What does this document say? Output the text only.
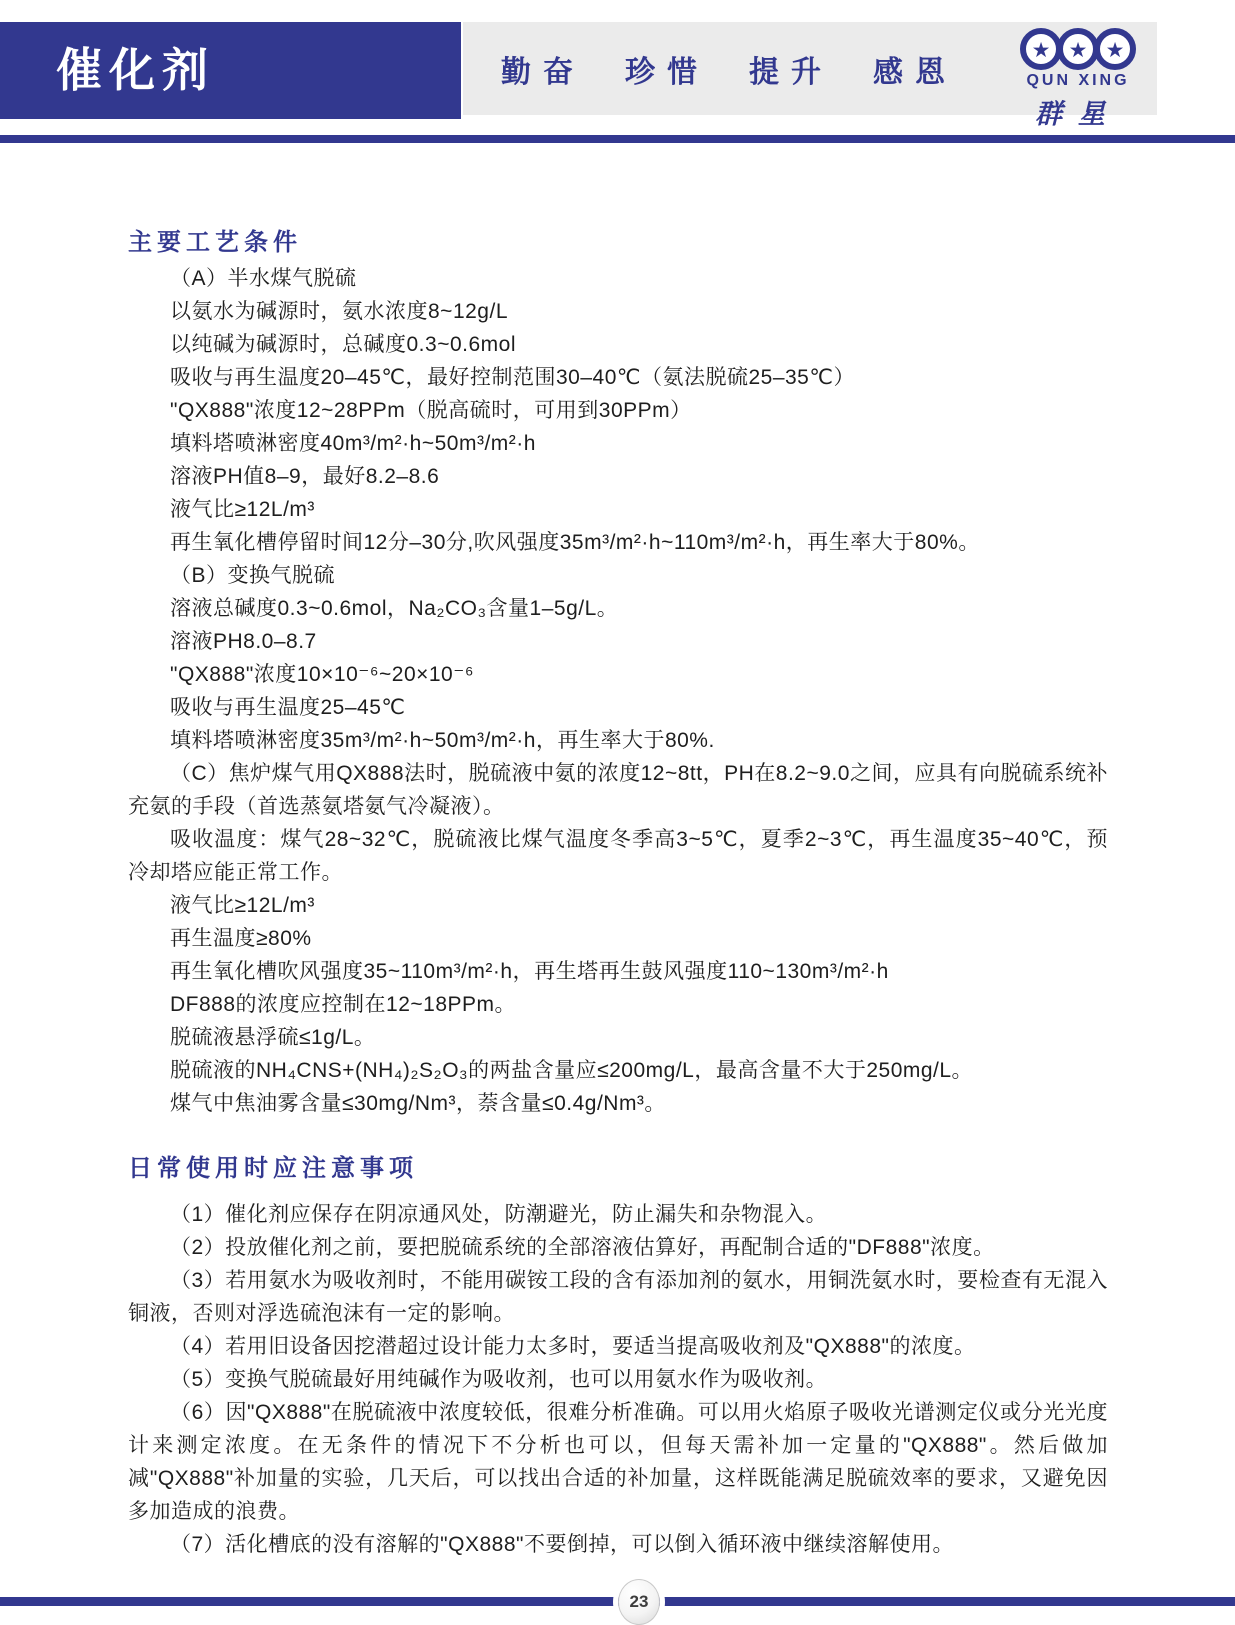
催化剂	勤奋 珍惜 提升 感恩
★ ★ ★
QUN XING
群星
主要工艺条件

（A）半水煤气脱硫

以氨水为碱源时，氨水浓度8~12g/L

以纯碱为碱源时，总碱度0.3~0.6mol

吸收与再生温度20–45℃，最好控制范围30–40℃（氨法脱硫25–35℃）

"QX888"浓度12~28PPm（脱高硫时，可用到30PPm）

填料塔喷淋密度40m³/m²·h~50m³/m²·h

溶液PH值8–9，最好8.2–8.6

液气比≥12L/m³

再生氧化槽停留时间12分–30分,吹风强度35m³/m²·h~110m³/m²·h，再生率大于80%。

（B）变换气脱硫

溶液总碱度0.3~0.6mol，Na₂CO₃含量1–5g/L。

溶液PH8.0–8.7

"QX888"浓度10×10⁻⁶~20×10⁻⁶

吸收与再生温度25–45℃

填料塔喷淋密度35m³/m²·h~50m³/m²·h，再生率大于80%.

（C）焦炉煤气用QX888法时，脱硫液中氨的浓度12~8tt，PH在8.2~9.0之间，应具有向脱硫系统补充氨的手段（首选蒸氨塔氨气冷凝液）。

吸收温度：煤气28~32℃，脱硫液比煤气温度冬季高3~5℃，夏季2~3℃，再生温度35~40℃，预冷却塔应能正常工作。

液气比≥12L/m³

再生温度≥80%

再生氧化槽吹风强度35~110m³/m²·h，再生塔再生鼓风强度110~130m³/m²·h

DF888的浓度应控制在12~18PPm。

脱硫液悬浮硫≤1g/L。

脱硫液的NH₄CNS+(NH₄)₂S₂O₃的两盐含量应≤200mg/L，最高含量不大于250mg/L。

煤气中焦油雾含量≤30mg/Nm³，萘含量≤0.4g/Nm³。

日常使用时应注意事项

（1）催化剂应保存在阴凉通风处，防潮避光，防止漏失和杂物混入。

（2）投放催化剂之前，要把脱硫系统的全部溶液估算好，再配制合适的"DF888"浓度。

（3）若用氨水为吸收剂时，不能用碳铵工段的含有添加剂的氨水，用铜洗氨水时，要检查有无混入铜液，否则对浮选硫泡沫有一定的影响。

（4）若用旧设备因挖潜超过设计能力太多时，要适当提高吸收剂及"QX888"的浓度。

（5）变换气脱硫最好用纯碱作为吸收剂，也可以用氨水作为吸收剂。

（6）因"QX888"在脱硫液中浓度较低，很难分析准确。可以用火焰原子吸收光谱测定仪或分光光度计来测定浓度。在无条件的情况下不分析也可以，但每天需补加一定量的"QX888"。然后做加减"QX888"补加量的实验，几天后，可以找出合适的补加量，这样既能满足脱硫效率的要求，又避免因多加造成的浪费。

（7）活化槽底的没有溶解的"QX888"不要倒掉，可以倒入循环液中继续溶解使用。

23
